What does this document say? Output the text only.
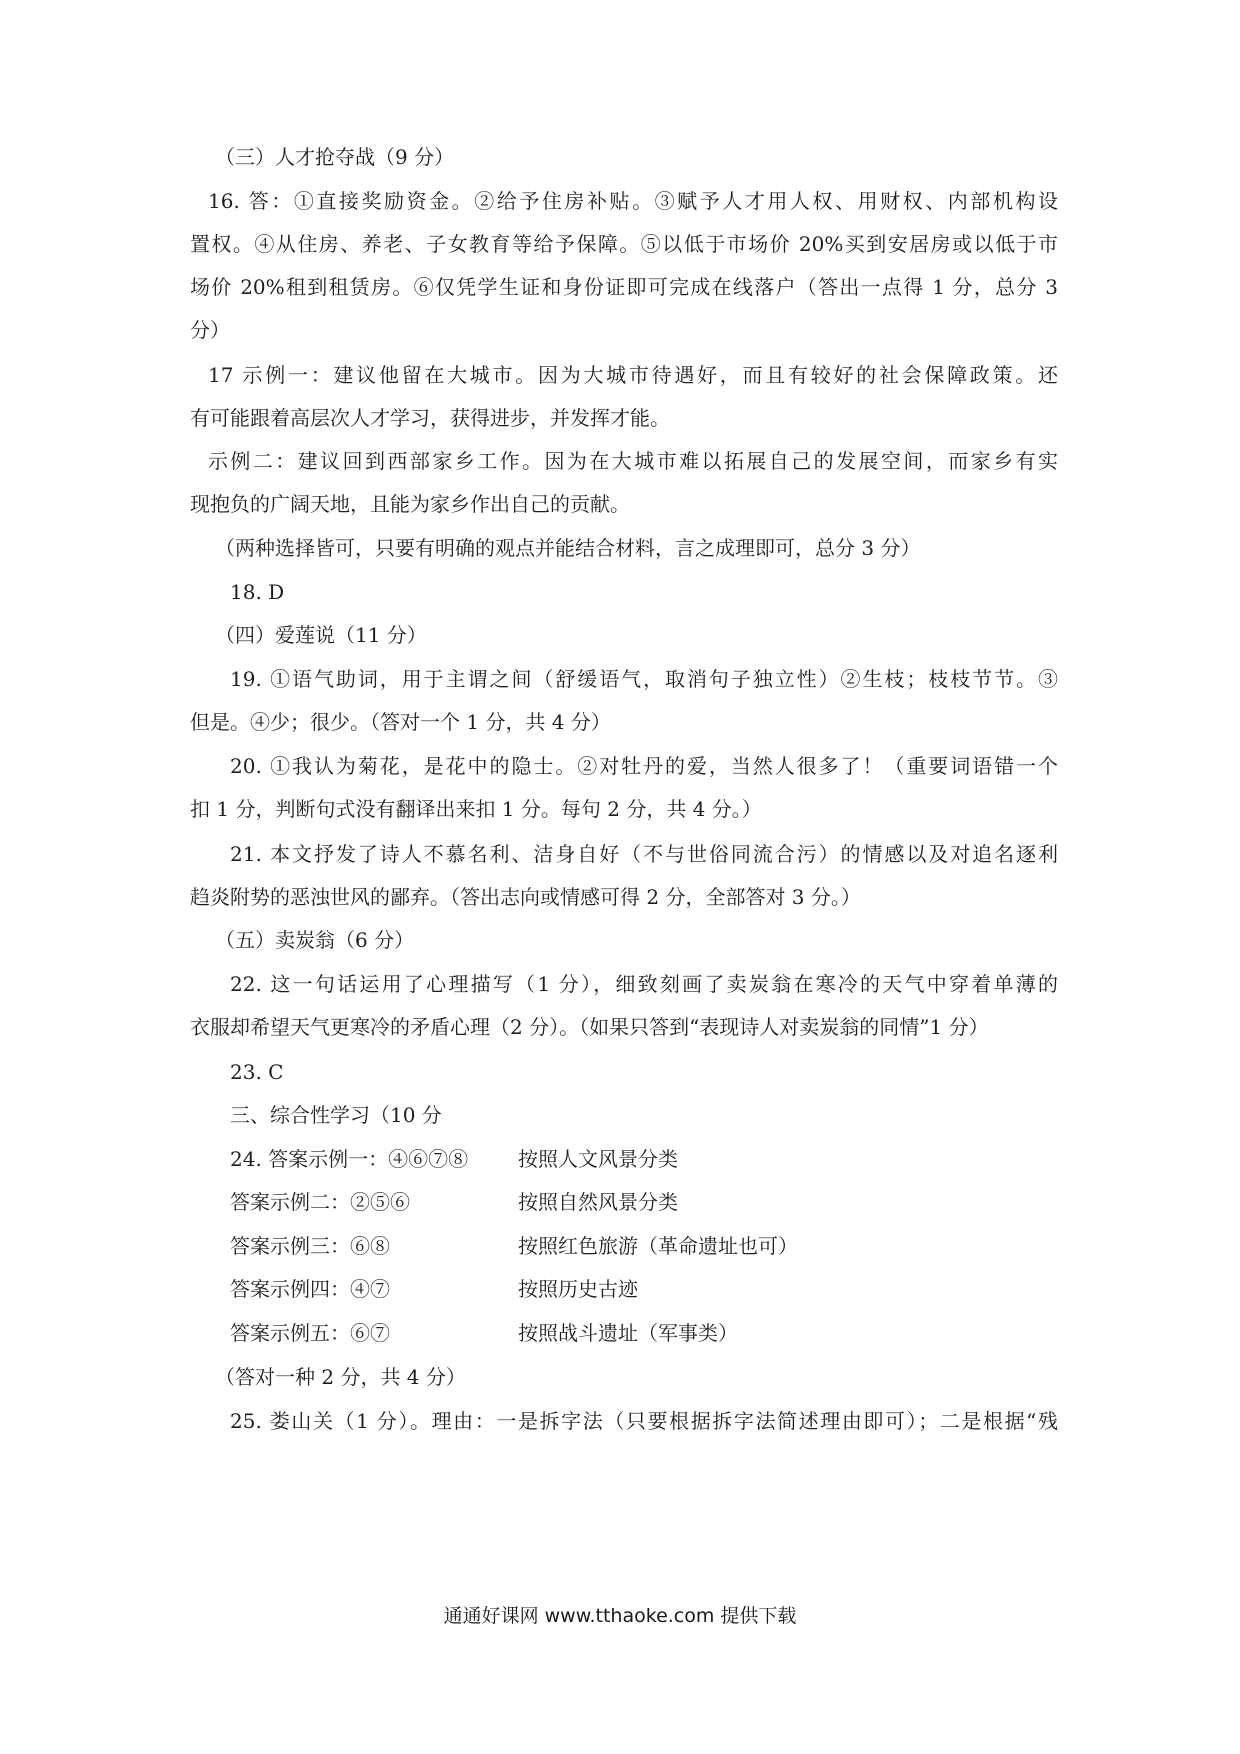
（三）人才抢夺战（9 分）
16. 答：①直接奖励资金。②给予住房补贴。③赋予人才用人权、用财权、内部机构设
置权。④从住房、养老、子女教育等给予保障。⑤以低于市场价 20%买到安居房或以低于市
场价 20%租到租赁房。⑥仅凭学生证和身份证即可完成在线落户（答出一点得 1 分，总分 3
分）
17 示例一：建议他留在大城市。因为大城市待遇好，而且有较好的社会保障政策。还
有可能跟着高层次人才学习，获得进步，并发挥才能。
示例二：建议回到西部家乡工作。因为在大城市难以拓展自己的发展空间，而家乡有实
现抱负的广阔天地，且能为家乡作出自己的贡献。
（两种选择皆可，只要有明确的观点并能结合材料，言之成理即可，总分 3 分）
18. D
（四）爱莲说（11 分）
19. ①语气助词，用于主谓之间（舒缓语气，取消句子独立性）②生枝；枝枝节节。③
但是。④少；很少。（答对一个 1 分，共 4 分）
20. ①我认为菊花，是花中的隐士。②对牡丹的爱，当然人很多了！（重要词语错一个
扣 1 分，判断句式没有翻译出来扣 1 分。每句 2 分，共 4 分。）
21. 本文抒发了诗人不慕名利、洁身自好（不与世俗同流合污）的情感以及对追名逐利
趋炎附势的恶浊世风的鄙弃。（答出志向或情感可得 2 分，全部答对 3 分。）
（五）卖炭翁（6 分）
22. 这一句话运用了心理描写（1 分），细致刻画了卖炭翁在寒冷的天气中穿着单薄的
衣服却希望天气更寒冷的矛盾心理（2 分）。（如果只答到“表现诗人对卖炭翁的同情”1 分）
23. C
三、综合性学习（10 分
24. 答案示例一：④⑥⑦⑧ 按照人文风景分类
答案示例二：②⑤⑥	按照自然风景分类
答案示例三：⑥⑧	按照红色旅游（革命遗址也可）
答案示例四：④⑦	按照历史古迹
答案示例五：⑥⑦	按照战斗遗址（军事类）
（答对一种 2 分，共 4 分）
25. 娄山关（1 分）。理由：一是拆字法（只要根据拆字法简述理由即可）；二是根据“残
通通好课网 www.tthaoke.com 提供下载
